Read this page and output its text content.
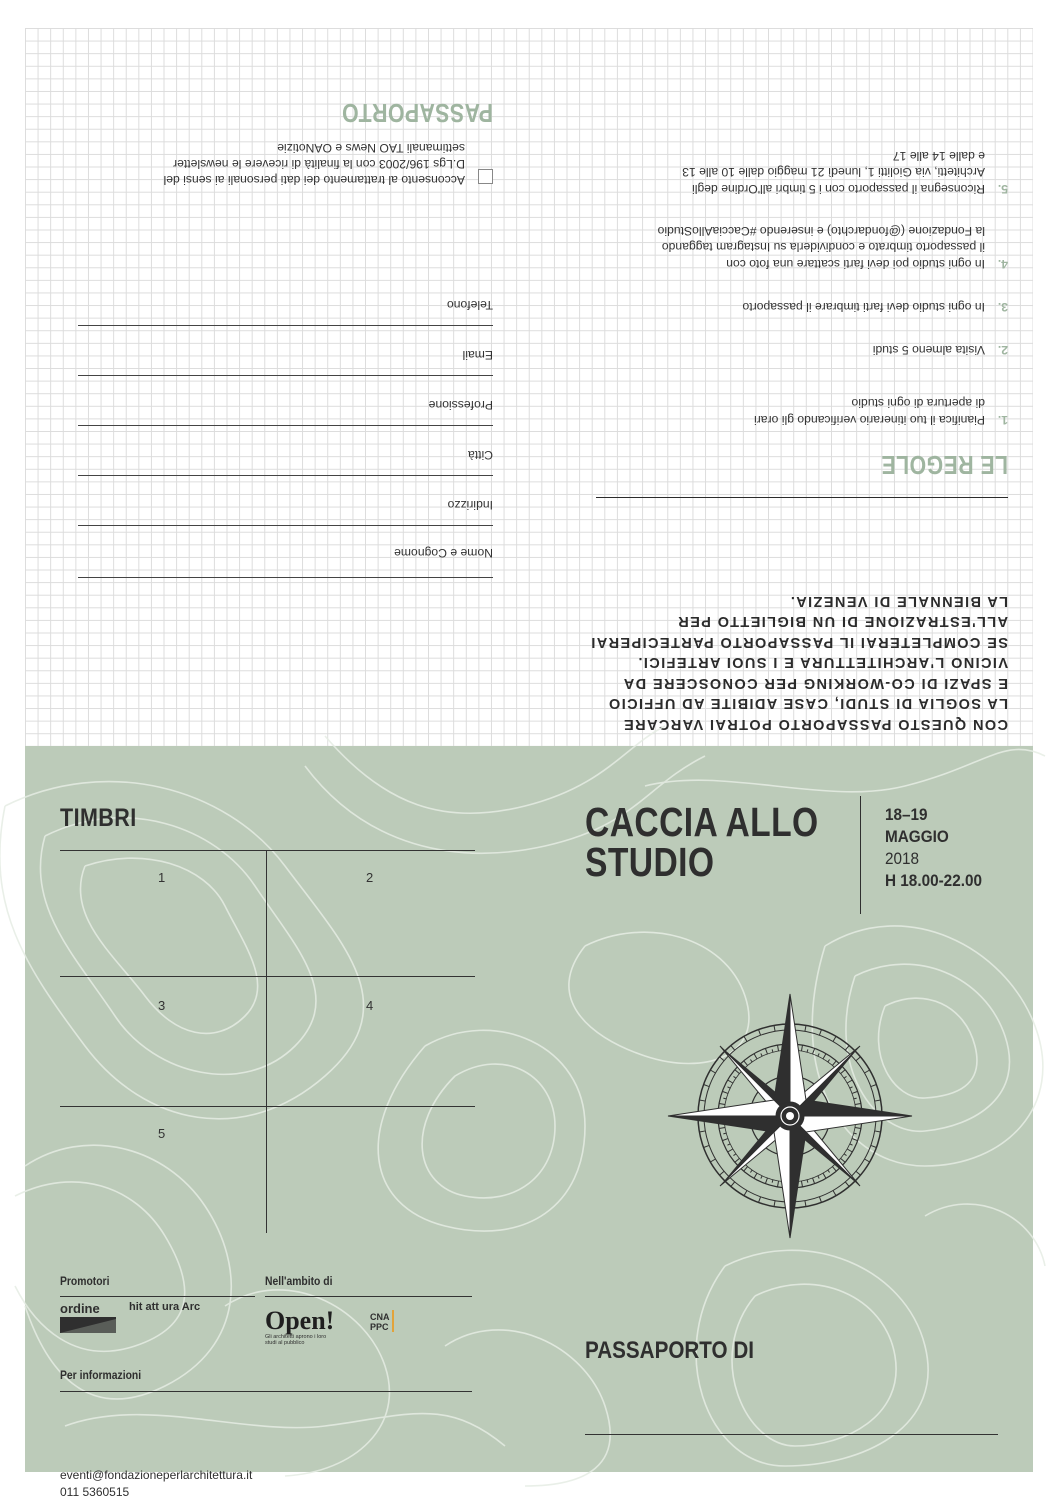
CON QUESTO PASSAPORTO POTRAI VARCARE
LA SOGLIA DI STUDI, CASE ADIBITE AD UFFICIO
E SPAZI DI CO-WORKING PER CONOSCERE DA
VICINO L'ARCHITETTURA E I SUOI ARTEFICI.
SE COMPLETERAI IL PASSAPORTO PARTECIPERAI
ALL'ESTRAZIONE DI UN BIGLIETTO PER
LA BIENNALE DI VENEZIA.
LE REGOLE
1.
Pianifica il tuo itinerario verificando gli orari
di apertura di ogni studio
2.
Visita almeno 5 studi
3.
In ogni studio devi farti timbrare il passaporto
4.
In ogni studio poi devi farti scattare una foto con
il passaporto timbrato e condividerla su Instagram taggando
la Fondazione (@fondarchto) e inserendo #CacciaAlloStudio
5.
Riconsegna il passaporto con i 5 timbri all'Ordine degli
Architetti, via Giolitti 1, lunedì 21 maggio dalle 10 alle 13
e dalle 14 alle 17
PASSAPORTO
Nome e Cognome
Indirizzo
Città
Professione
Email
Telefono
Acconsento al trattamento dei dati personali ai sensi del
D.Lgs 196/2003 con la finalità di ricevere le newsletter
settimanali TAO News e OANotizie
TIMBRI
1	2
3	4
5
CACCIA ALLO
STUDIO
18–19
MAGGIO
2018
H 18.00-22.00
Promotori	Nell'ambito di
ordine	hit att ura Arc	Open!	CNA PPC
Gli architetti aprono i loro studi al pubblico
Per informazioni
eventi@fondazioneperlarchitettura.it
011 5360515
PASSAPORTO DI
